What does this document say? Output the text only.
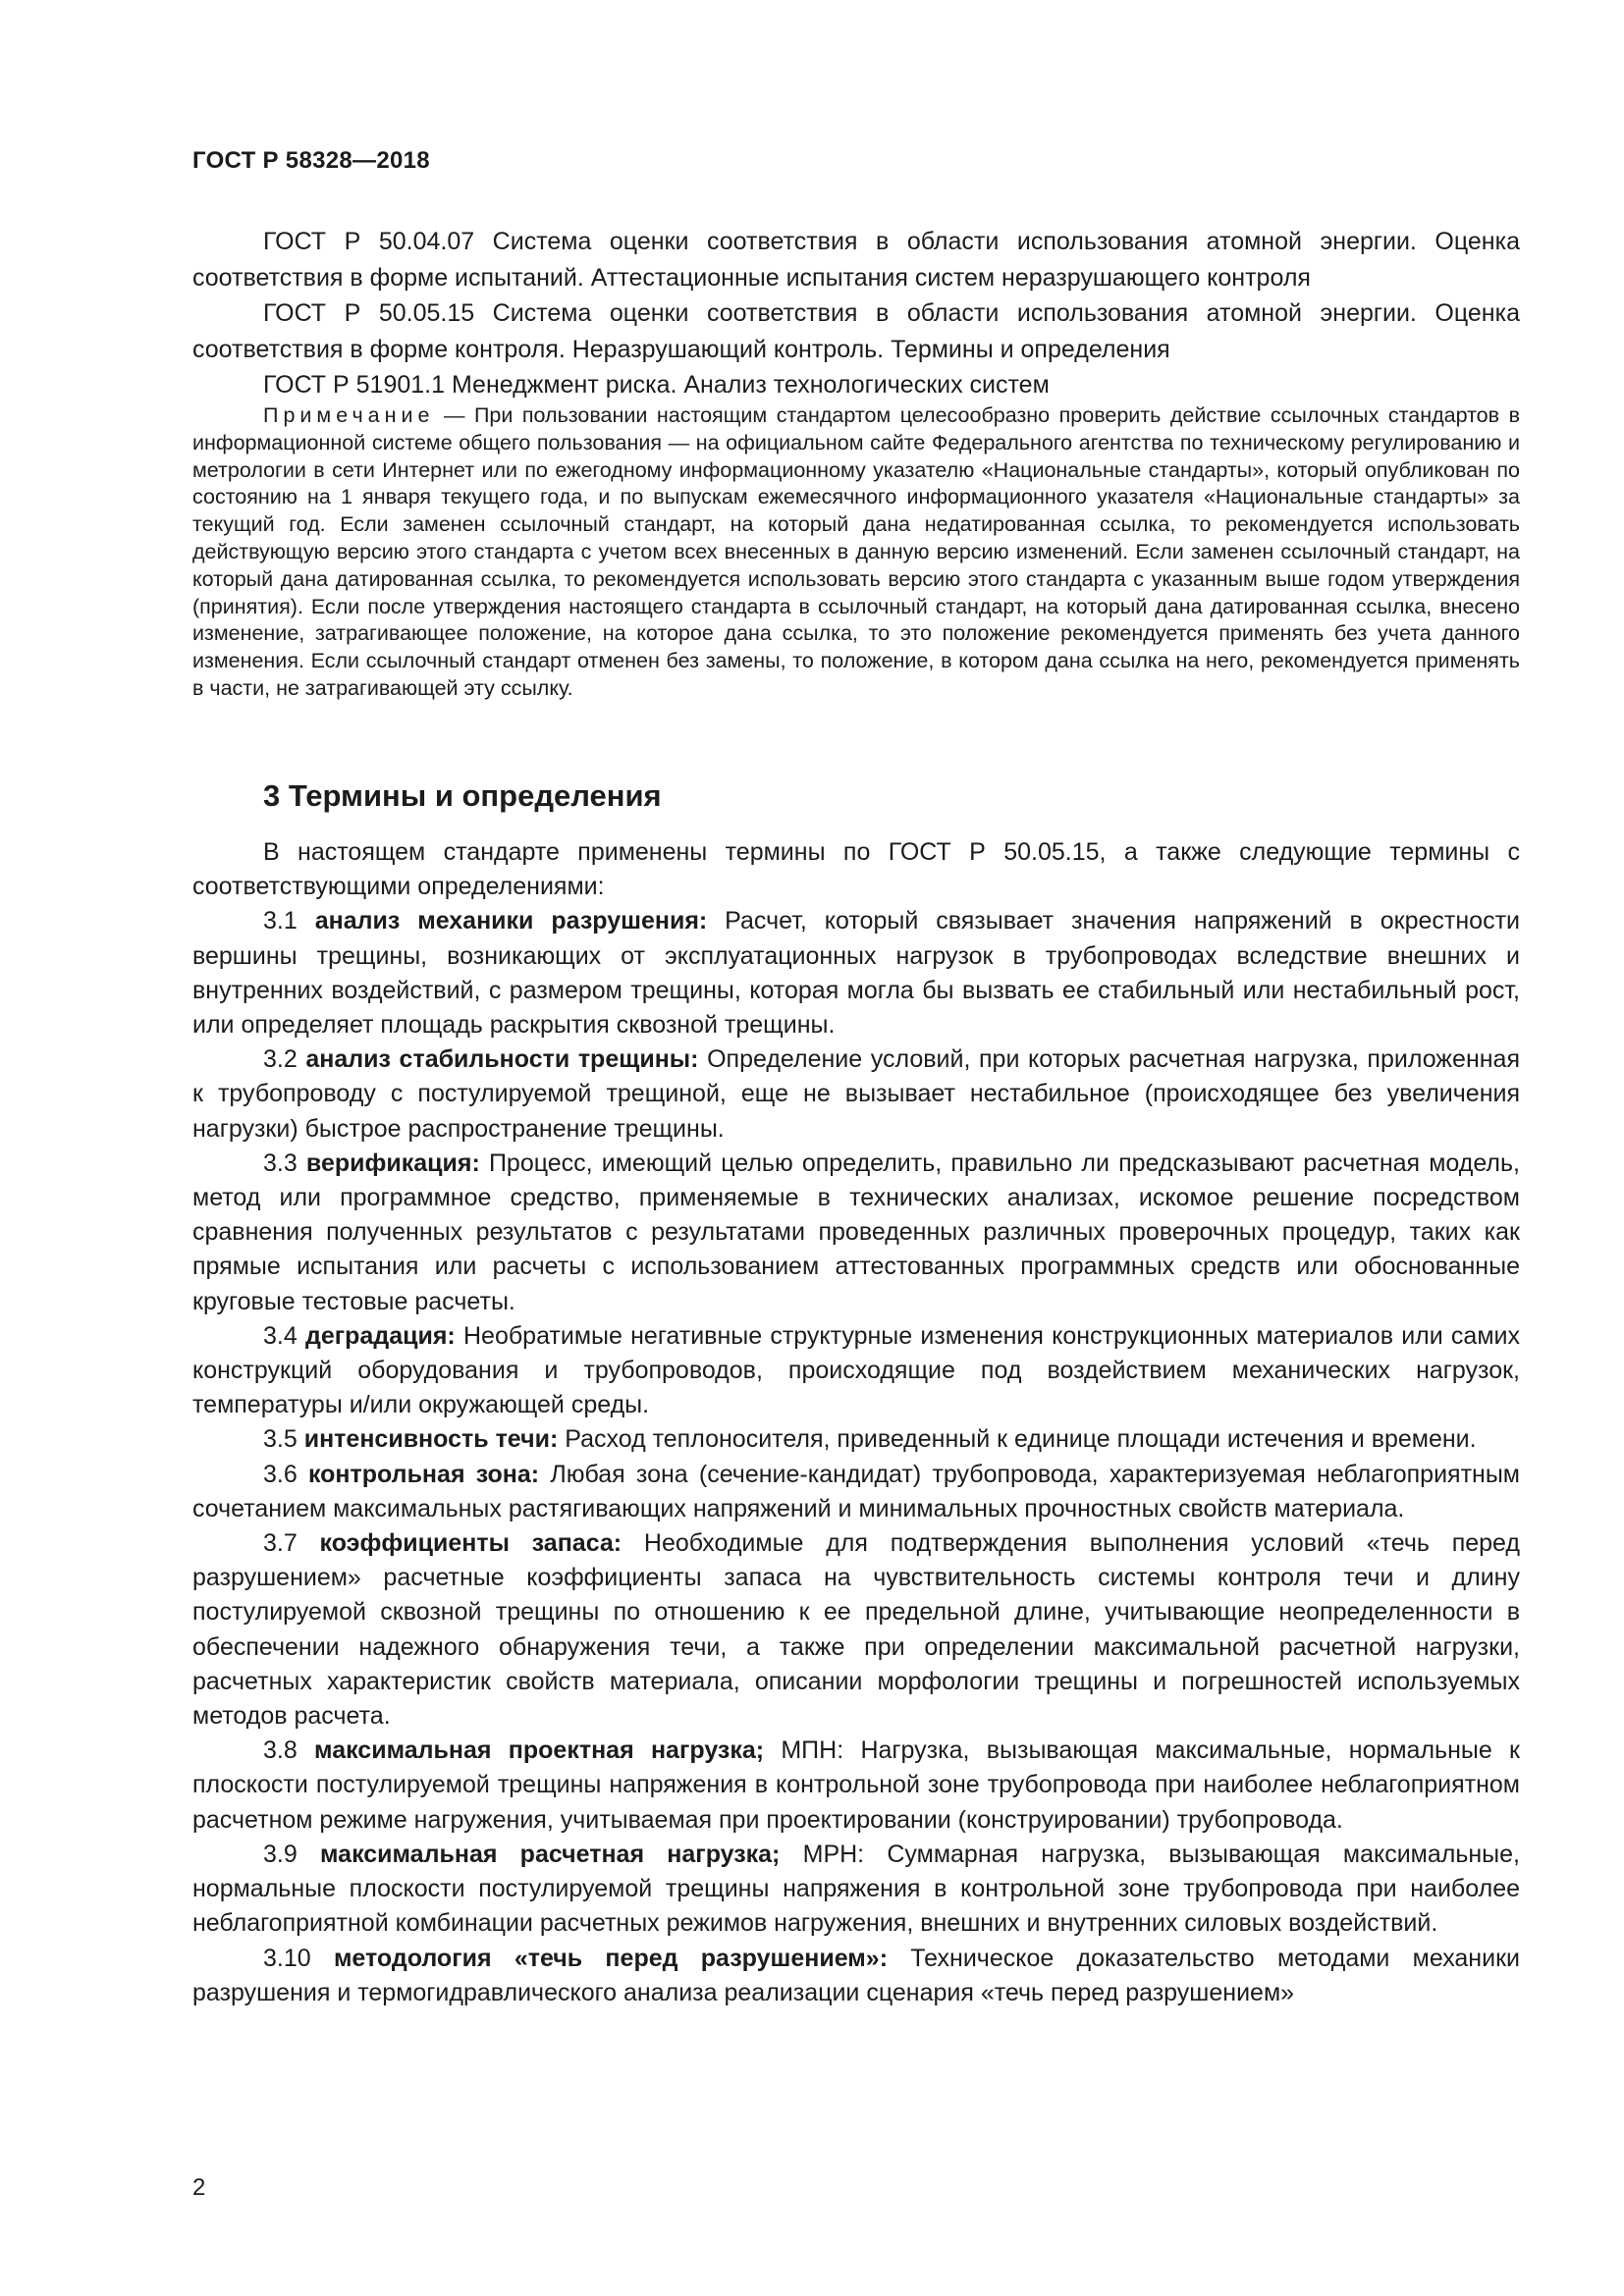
ГОСТ Р 58328—2018

ГОСТ Р 50.04.07 Система оценки соответствия в области использования атомной энергии. Оценка соответствия в форме испытаний. Аттестационные испытания систем неразрушающего контроля

ГОСТ Р 50.05.15 Система оценки соответствия в области использования атомной энергии. Оценка соответствия в форме контроля. Неразрушающий контроль. Термины и определения

ГОСТ Р 51901.1 Менеджмент риска. Анализ технологических систем

Примечание — При пользовании настоящим стандартом целесообразно проверить действие ссылочных стандартов в информационной системе общего пользования — на официальном сайте Федерального агентства по техническому регулированию и метрологии в сети Интернет или по ежегодному информационному указателю «Национальные стандарты», который опубликован по состоянию на 1 января текущего года, и по выпускам ежемесячного информационного указателя «Национальные стандарты» за текущий год. Если заменен ссылочный стандарт, на который дана недатированная ссылка, то рекомендуется использовать действующую версию этого стандарта с учетом всех внесенных в данную версию изменений. Если заменен ссылочный стандарт, на который дана датированная ссылка, то рекомендуется использовать версию этого стандарта с указанным выше годом утверждения (принятия). Если после утверждения настоящего стандарта в ссылочный стандарт, на который дана датированная ссылка, внесено изменение, затрагивающее положение, на которое дана ссылка, то это положение рекомендуется применять без учета данного изменения. Если ссылочный стандарт отменен без замены, то положение, в котором дана ссылка на него, рекомендуется применять в части, не затрагивающей эту ссылку.

3 Термины и определения

В настоящем стандарте применены термины по ГОСТ Р 50.05.15, а также следующие термины с соответствующими определениями:

3.1 анализ механики разрушения: Расчет, который связывает значения напряжений в окрестности вершины трещины, возникающих от эксплуатационных нагрузок в трубопроводах вследствие внешних и внутренних воздействий, с размером трещины, которая могла бы вызвать ее стабильный или нестабильный рост, или определяет площадь раскрытия сквозной трещины.

3.2 анализ стабильности трещины: Определение условий, при которых расчетная нагрузка, приложенная к трубопроводу с постулируемой трещиной, еще не вызывает нестабильное (происходящее без увеличения нагрузки) быстрое распространение трещины.

3.3 верификация: Процесс, имеющий целью определить, правильно ли предсказывают расчетная модель, метод или программное средство, применяемые в технических анализах, искомое решение посредством сравнения полученных результатов с результатами проведенных различных проверочных процедур, таких как прямые испытания или расчеты с использованием аттестованных программных средств или обоснованные круговые тестовые расчеты.

3.4 деградация: Необратимые негативные структурные изменения конструкционных материалов или самих конструкций оборудования и трубопроводов, происходящие под воздействием механических нагрузок, температуры и/или окружающей среды.

3.5 интенсивность течи: Расход теплоносителя, приведенный к единице площади истечения и времени.

3.6 контрольная зона: Любая зона (сечение-кандидат) трубопровода, характеризуемая неблагоприятным сочетанием максимальных растягивающих напряжений и минимальных прочностных свойств материала.

3.7 коэффициенты запаса: Необходимые для подтверждения выполнения условий «течь перед разрушением» расчетные коэффициенты запаса на чувствительность системы контроля течи и длину постулируемой сквозной трещины по отношению к ее предельной длине, учитывающие неопределенности в обеспечении надежного обнаружения течи, а также при определении максимальной расчетной нагрузки, расчетных характеристик свойств материала, описании морфологии трещины и погрешностей используемых методов расчета.

3.8 максимальная проектная нагрузка; МПН: Нагрузка, вызывающая максимальные, нормальные к плоскости постулируемой трещины напряжения в контрольной зоне трубопровода при наиболее неблагоприятном расчетном режиме нагружения, учитываемая при проектировании (конструировании) трубопровода.

3.9 максимальная расчетная нагрузка; МРН: Суммарная нагрузка, вызывающая максимальные, нормальные плоскости постулируемой трещины напряжения в контрольной зоне трубопровода при наиболее неблагоприятной комбинации расчетных режимов нагружения, внешних и внутренних силовых воздействий.

3.10 методология «течь перед разрушением»: Техническое доказательство методами механики разрушения и термогидравлического анализа реализации сценария «течь перед разрушением»

2
